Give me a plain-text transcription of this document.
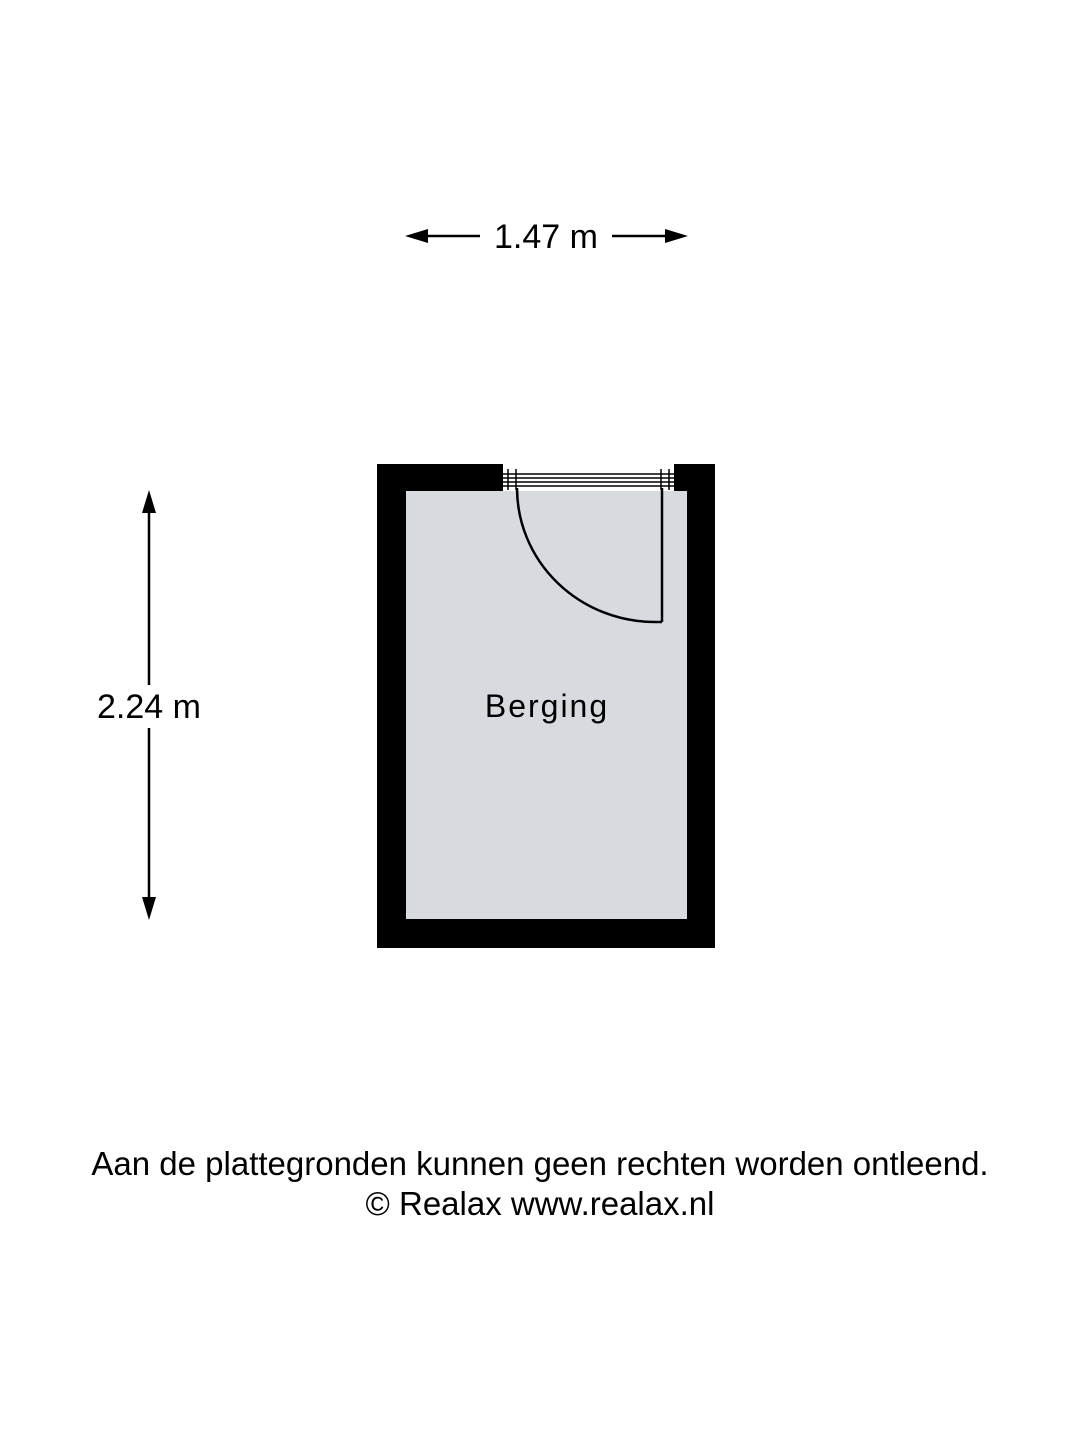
1.47 m
2.24 m	Berging
Aan de plattegronden kunnen geen rechten worden ontleend.
© Realax www.realax.nl
